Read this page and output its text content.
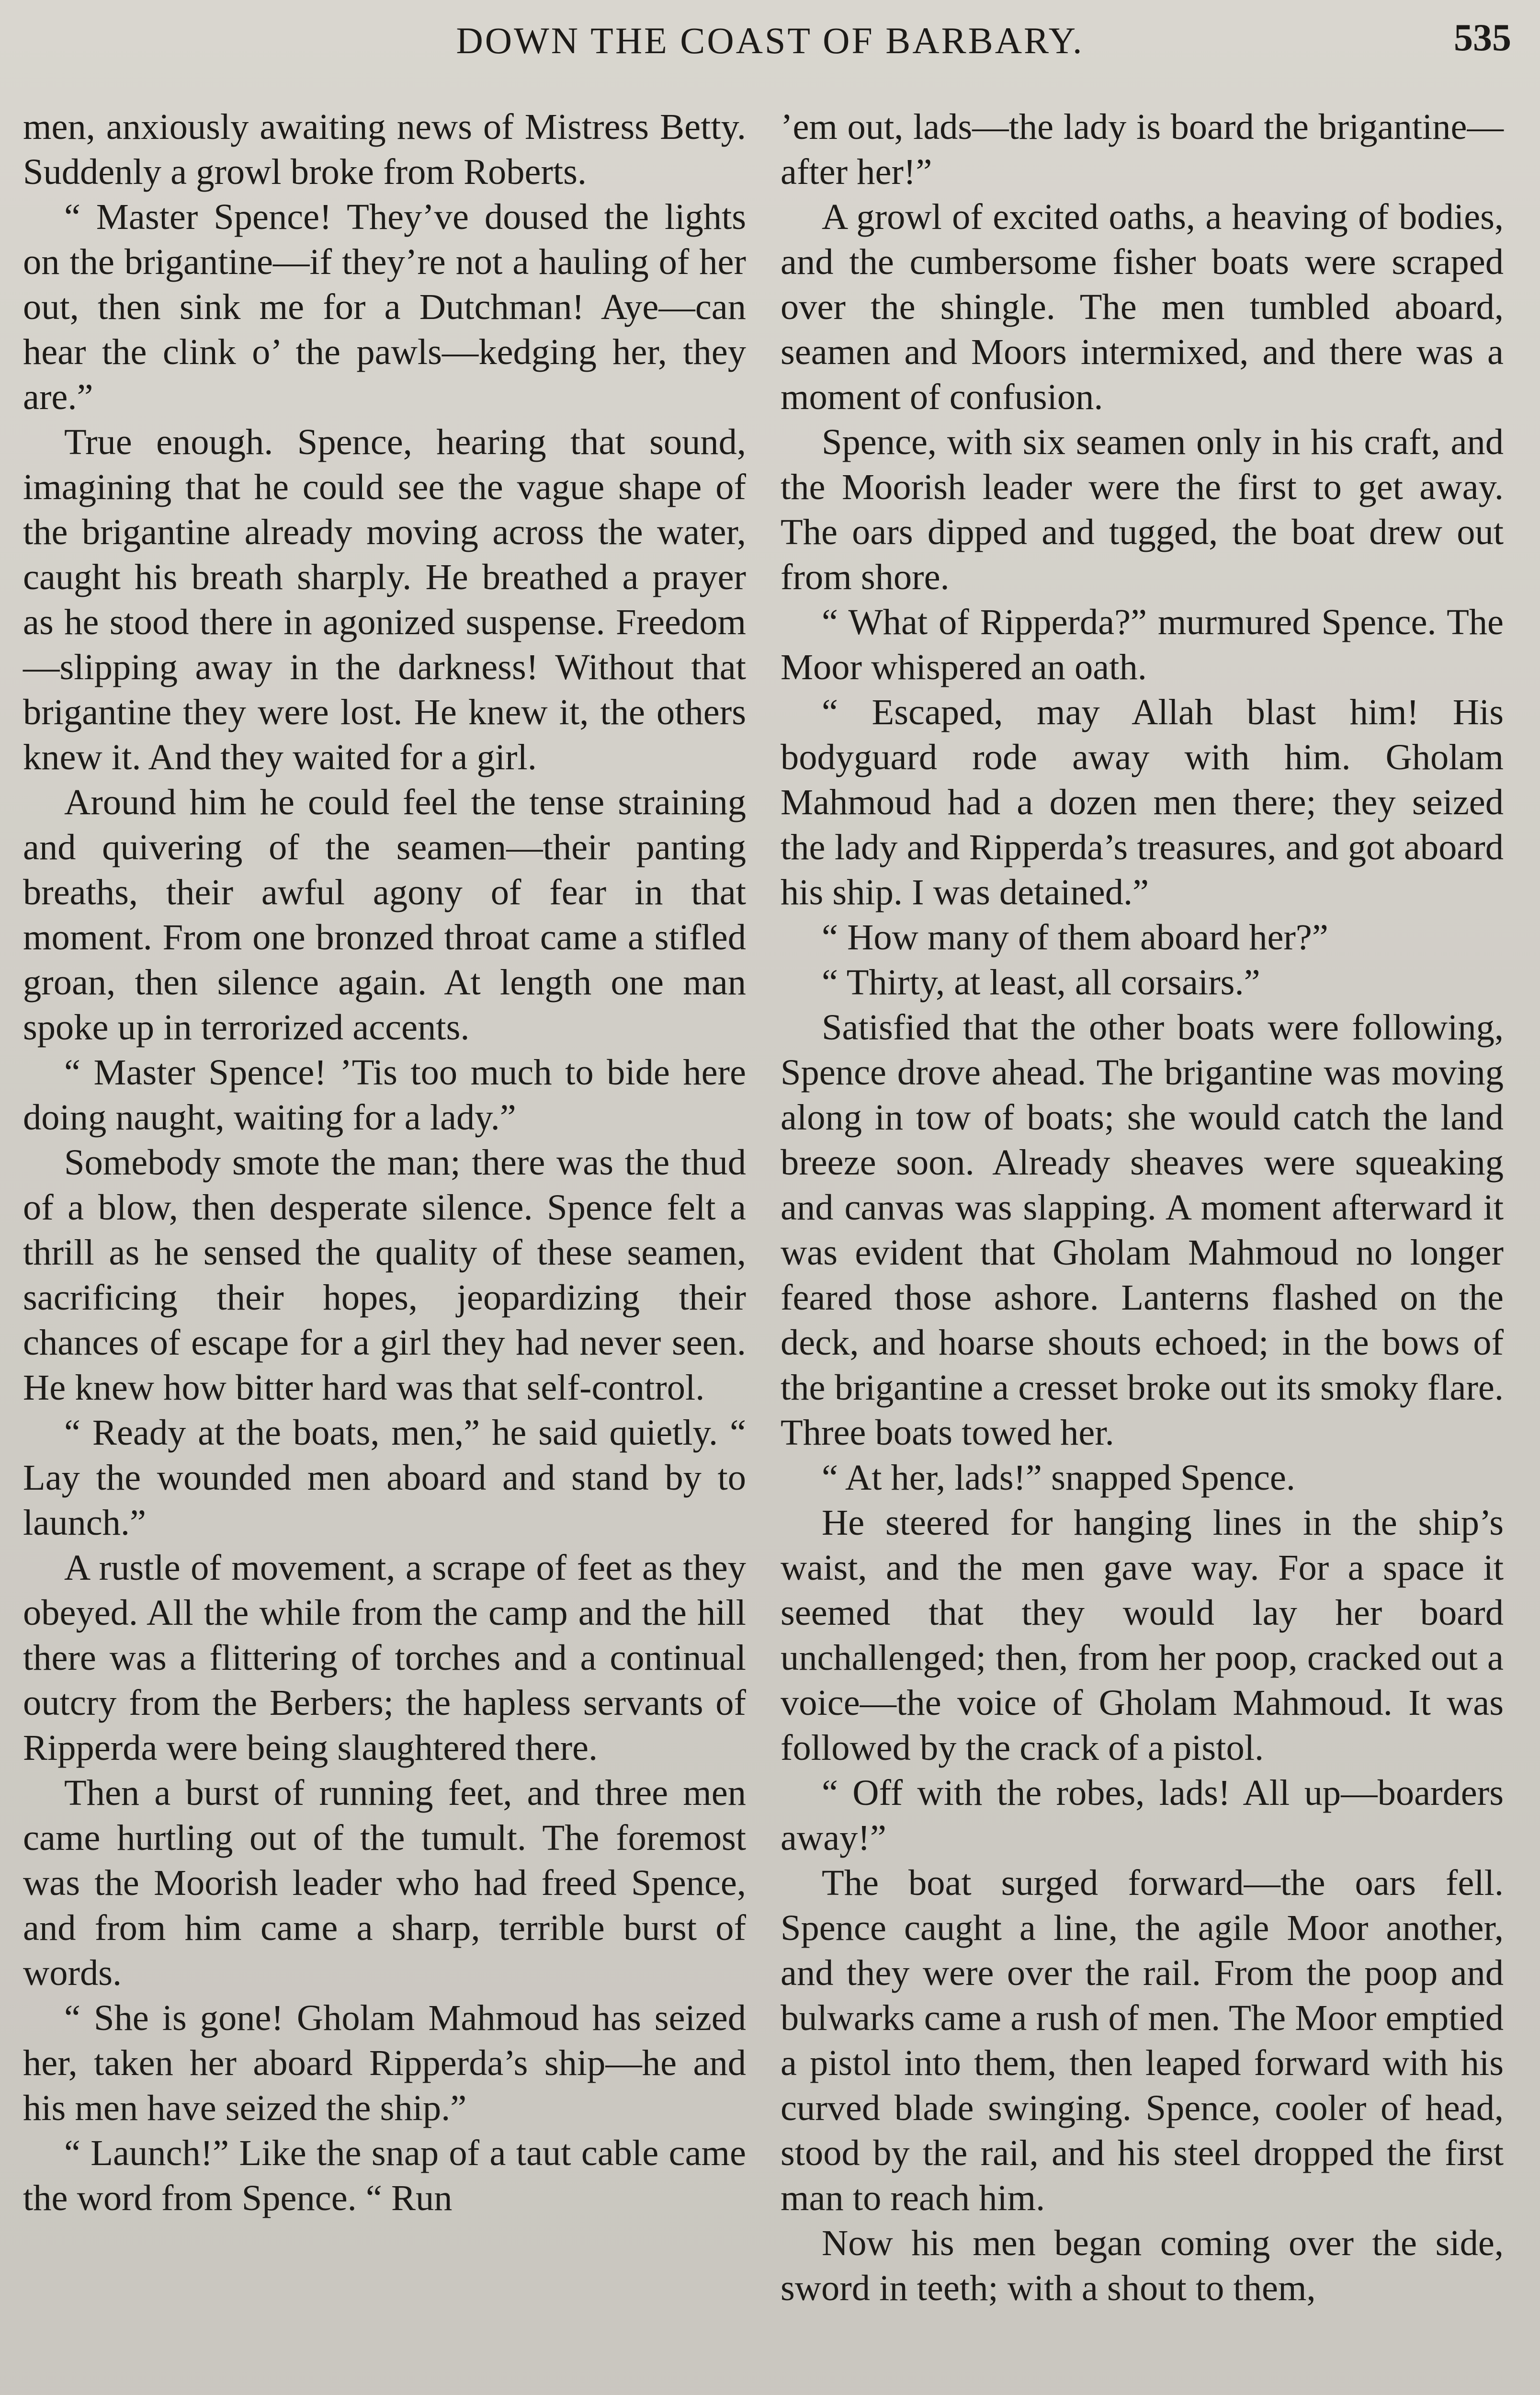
DOWN THE COAST OF BARBARY.	535

men, anxiously awaiting news of Mistress Betty. Suddenly a growl broke from Roberts.

“ Master Spence! They’ve doused the lights on the brigantine—if they’re not a hauling of her out, then sink me for a Dutchman! Aye—can hear the clink o’ the pawls—kedging her, they are.”

True enough. Spence, hearing that sound, imagining that he could see the vague shape of the brigantine already moving across the water, caught his breath sharply. He breathed a prayer as he stood there in agonized suspense. Freedom—slipping away in the darkness! Without that brigantine they were lost. He knew it, the others knew it. And they waited for a girl.

Around him he could feel the tense straining and quivering of the seamen—their panting breaths, their awful agony of fear in that moment. From one bronzed throat came a stifled groan, then silence again. At length one man spoke up in terrorized accents.

“ Master Spence! ’Tis too much to bide here doing naught, waiting for a lady.”

Somebody smote the man; there was the thud of a blow, then desperate silence. Spence felt a thrill as he sensed the quality of these seamen, sacrificing their hopes, jeopardizing their chances of escape for a girl they had never seen. He knew how bitter hard was that self-control.

“ Ready at the boats, men,” he said quietly. “ Lay the wounded men aboard and stand by to launch.”

A rustle of movement, a scrape of feet as they obeyed. All the while from the camp and the hill there was a flittering of torches and a continual outcry from the Berbers; the hapless servants of Ripperda were being slaughtered there.

Then a burst of running feet, and three men came hurtling out of the tumult. The foremost was the Moorish leader who had freed Spence, and from him came a sharp, terrible burst of words.

“ She is gone! Gholam Mahmoud has seized her, taken her aboard Ripperda’s ship—he and his men have seized the ship.”

“ Launch!” Like the snap of a taut cable came the word from Spence. “ Run

’em out, lads—the lady is board the brigantine—after her!”

A growl of excited oaths, a heaving of bodies, and the cumbersome fisher boats were scraped over the shingle. The men tumbled aboard, seamen and Moors intermixed, and there was a moment of confusion.

Spence, with six seamen only in his craft, and the Moorish leader were the first to get away. The oars dipped and tugged, the boat drew out from shore.

“ What of Ripperda?” murmured Spence. The Moor whispered an oath.

“ Escaped, may Allah blast him! His bodyguard rode away with him. Gholam Mahmoud had a dozen men there; they seized the lady and Ripperda’s treasures, and got aboard his ship. I was detained.”

“ How many of them aboard her?”

“ Thirty, at least, all corsairs.”

Satisfied that the other boats were following, Spence drove ahead. The brigantine was moving along in tow of boats; she would catch the land breeze soon. Already sheaves were squeaking and canvas was slapping. A moment afterward it was evident that Gholam Mahmoud no longer feared those ashore. Lanterns flashed on the deck, and hoarse shouts echoed; in the bows of the brigantine a cresset broke out its smoky flare. Three boats towed her.

“ At her, lads!” snapped Spence.

He steered for hanging lines in the ship’s waist, and the men gave way. For a space it seemed that they would lay her board unchallenged; then, from her poop, cracked out a voice—the voice of Gholam Mahmoud. It was followed by the crack of a pistol.

“ Off with the robes, lads! All up—boarders away!”

The boat surged forward—the oars fell. Spence caught a line, the agile Moor another, and they were over the rail. From the poop and bulwarks came a rush of men. The Moor emptied a pistol into them, then leaped forward with his curved blade swinging. Spence, cooler of head, stood by the rail, and his steel dropped the first man to reach him.

Now his men began coming over the side, sword in teeth; with a shout to them,
